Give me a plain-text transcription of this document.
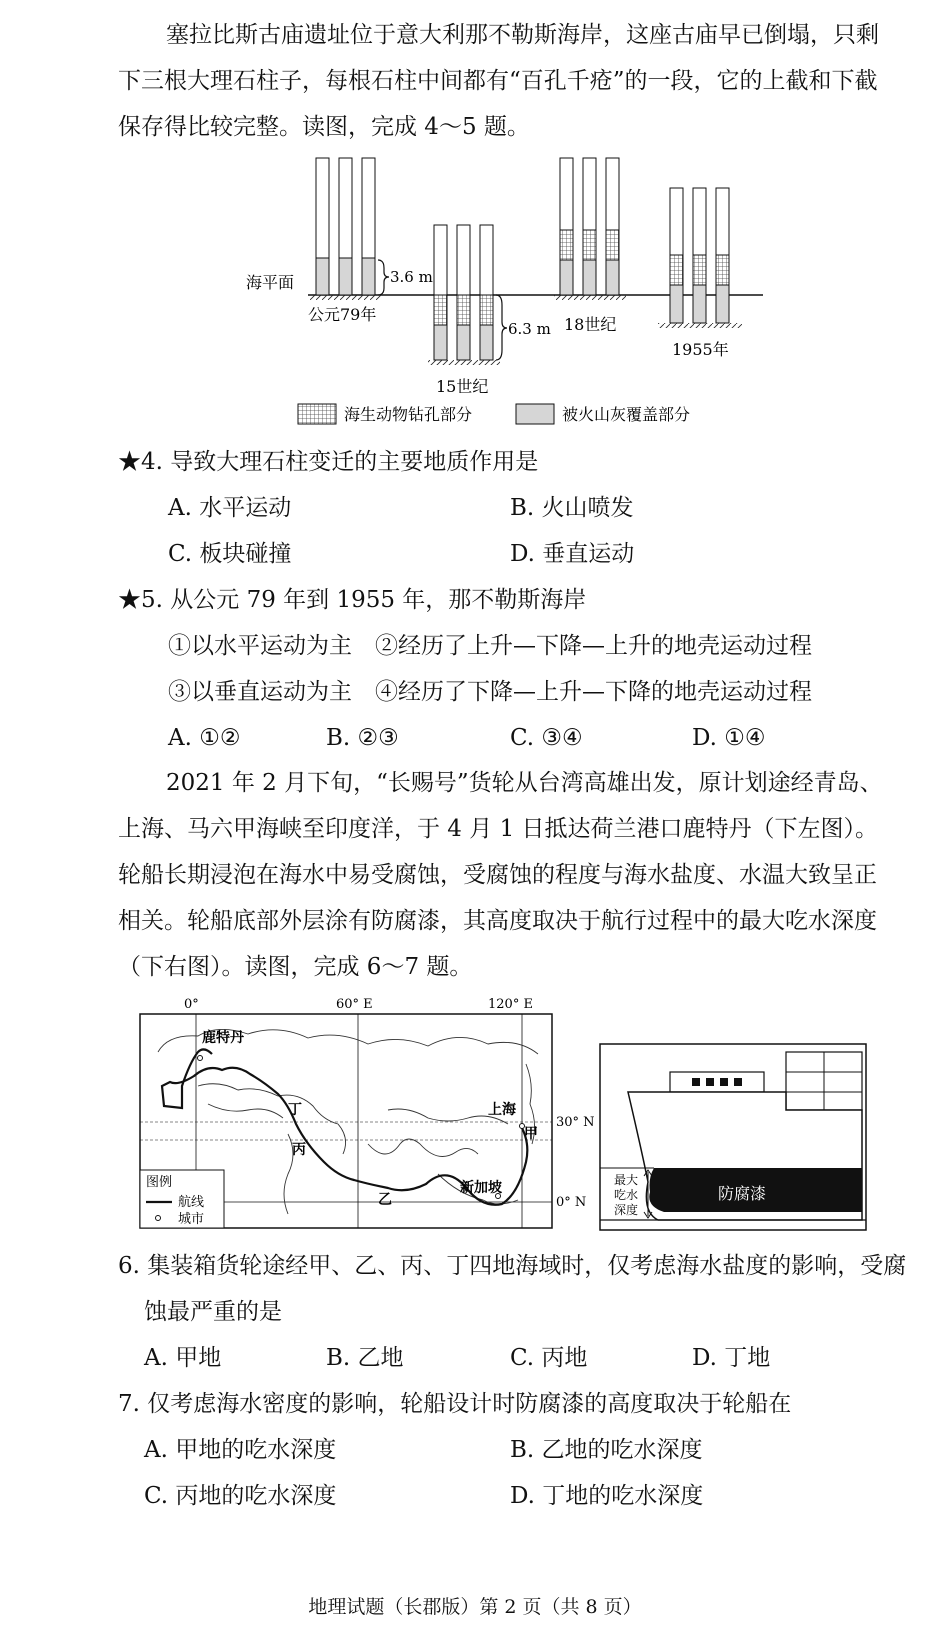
塞拉比斯古庙遗址位于意大利那不勒斯海岸，这座古庙早已倒塌，只剩下三根大理石柱子，每根石柱中间都有“百孔千疮”的一段，它的上截和下截保存得比较完整。读图，完成 4～5 题。

海平面	3.6 m
公元79年
6.3 m
15世纪
18世纪
1955年
海生动物钻孔部分	被火山灰覆盖部分

★4. 导致大理石柱变迁的主要地质作用是

A. 水平运动	B. 火山喷发

C. 板块碰撞	D. 垂直运动

★5. 从公元 79 年到 1955 年，那不勒斯海岸

①以水平运动为主　②经历了上升—下降—上升的地壳运动过程

③以垂直运动为主　④经历了下降—上升—下降的地壳运动过程

A. ①②	B. ②③	C. ③④	D. ①④

2021 年 2 月下旬，“长赐号”货轮从台湾高雄出发，原计划途经青岛、上海、马六甲海峡至印度洋，于 4 月 1 日抵达荷兰港口鹿特丹（下左图）。轮船长期浸泡在海水中易受腐蚀，受腐蚀的程度与海水盐度、水温大致呈正相关。轮船底部外层涂有防腐漆，其高度取决于航行过程中的最大吃水深度（下右图）。读图，完成 6～7 题。

0°	60° E	120° E
鹿特丹
上海
新加坡
甲
乙
丙
丁
图例
航线
城市
30° N
0° N	防腐漆
最大
吃水
深度

6. 集装箱货轮途经甲、乙、丙、丁四地海域时，仅考虑海水盐度的影响，受腐

蚀最严重的是

A. 甲地	B. 乙地	C. 丙地	D. 丁地

7. 仅考虑海水密度的影响，轮船设计时防腐漆的高度取决于轮船在

A. 甲地的吃水深度	B. 乙地的吃水深度

C. 丙地的吃水深度	D. 丁地的吃水深度

地理试题（长郡版）第 2 页（共 8 页）
